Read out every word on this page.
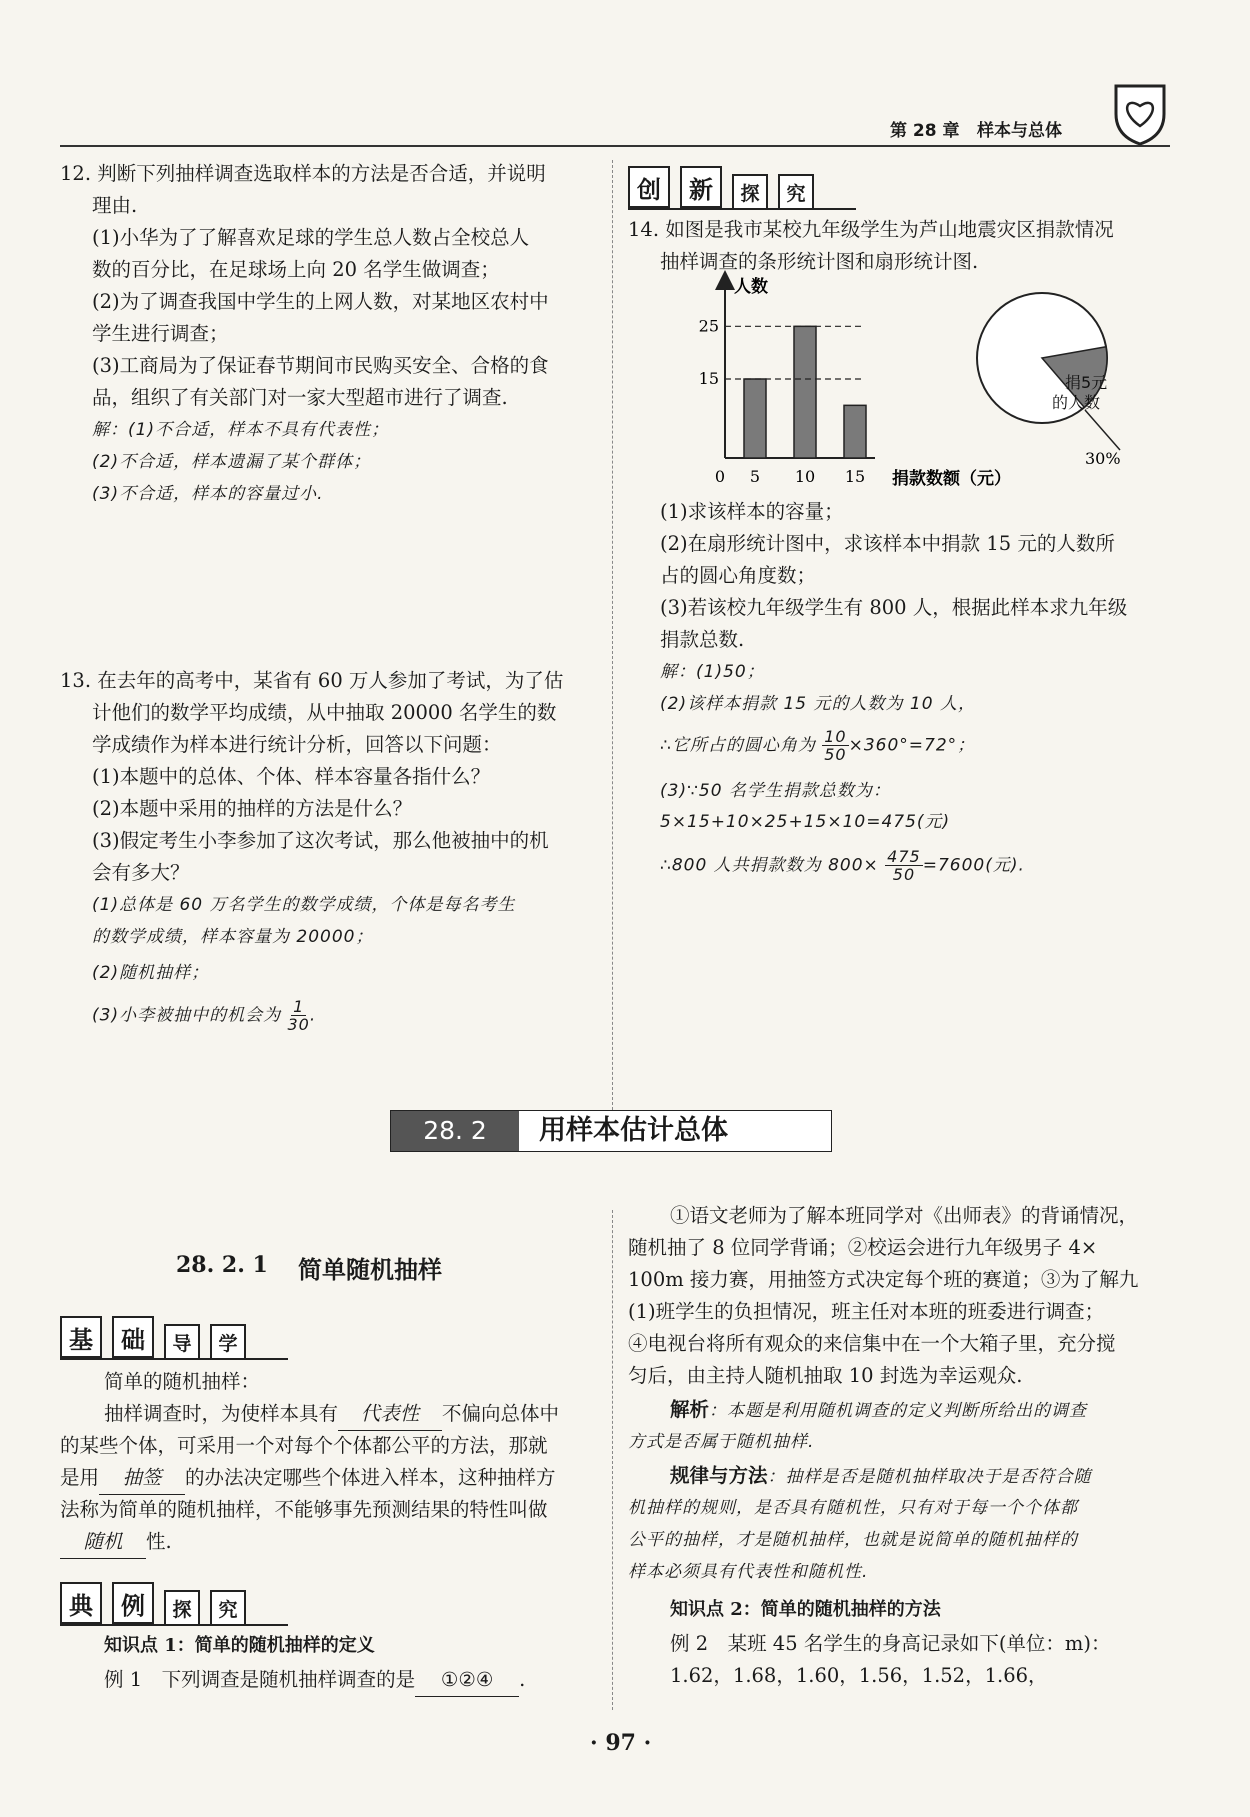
第 28 章 样本与总体
12. 判断下列抽样调查选取样本的方法是否合适，并说明
理由.
(1)小华为了了解喜欢足球的学生总人数占全校总人
数的百分比，在足球场上向 20 名学生做调查；
(2)为了调查我国中学生的上网人数，对某地区农村中
学生进行调查；
(3)工商局为了保证春节期间市民购买安全、合格的食
品，组织了有关部门对一家大型超市进行了调查.
解：(1)不合适，样本不具有代表性；
(2)不合适，样本遗漏了某个群体；
(3)不合适，样本的容量过小.
13. 在去年的高考中，某省有 60 万人参加了考试，为了估
计他们的数学平均成绩，从中抽取 20000 名学生的数
学成绩作为样本进行统计分析，回答以下问题：
(1)本题中的总体、个体、样本容量各指什么？
(2)本题中采用的抽样的方法是什么？
(3)假定考生小李参加了这次考试，那么他被抽中的机
会有多大？
(1)总体是 60 万名学生的数学成绩，个体是每名考生
的数学成绩，样本容量为 20000；
(2)随机抽样；
(3)小李被抽中的机会为 $\frac{1}{30}$ .
创	新	探	究
14. 如图是我市某校九年级学生为芦山地震灾区捐款情况
抽样调查的条形统计图和扇形统计图.
人数
0	捐款数额（元）
5 10 15
15
25
捐5元
的人数
30%
(1)求该样本的容量；
(2)在扇形统计图中，求该样本中捐款 15 元的人数所
占的圆心角度数；
(3)若该校九年级学生有 800 人，根据此样本求九年级
捐款总数.
解：(1)50；
(2)该样本捐款 15 元的人数为 10 人，
∴它所占的圆心角为 $\frac{10}{50} \times 360^\circ=72^\circ$；
(3)∵50 名学生捐款总数为：
5×15+10×25+15×10=475(元)
∴800 人共捐款数为 $800\times \frac{475}{50} =7600$(元).
28. 2	用样本估计总体
28. 2. 1 简单随机抽样
基	础	导	学
简单的随机抽样：
抽样调查时，为使样本具有 代表性 不偏向总体中
的某些个体，可采用一个对每个个体都公平的方法，那就
是用 抽签 的办法决定哪些个体进入样本，这种抽样方
法称为简单的随机抽样，不能够事先预测结果的特性叫做
随机 性.
典	例	探	究
知识点 1：简单的随机抽样的定义
例 1　下列调查是随机抽样调查的是 ①②④ .
①语文老师为了解本班同学对《出师表》的背诵情况，
随机抽了 8 位同学背诵；②校运会进行九年级男子 4×
100m 接力赛，用抽签方式决定每个班的赛道；③为了解九
(1)班学生的负担情况，班主任对本班的班委进行调查；
④电视台将所有观众的来信集中在一个大箱子里，充分搅
匀后，由主持人随机抽取 10 封选为幸运观众.
解析：本题是利用随机调查的定义判断所给出的调查
方式是否属于随机抽样.
规律与方法：抽样是否是随机抽样取决于是否符合随
机抽样的规则，是否具有随机性，只有对于每一个个体都
公平的抽样，才是随机抽样，也就是说简单的随机抽样的
样本必须具有代表性和随机性.
知识点 2：简单的随机抽样的方法
例 2　某班 45 名学生的身高记录如下(单位：m)：
1.62，1.68，1.60，1.56，1.52，1.66，
· 97 ·
